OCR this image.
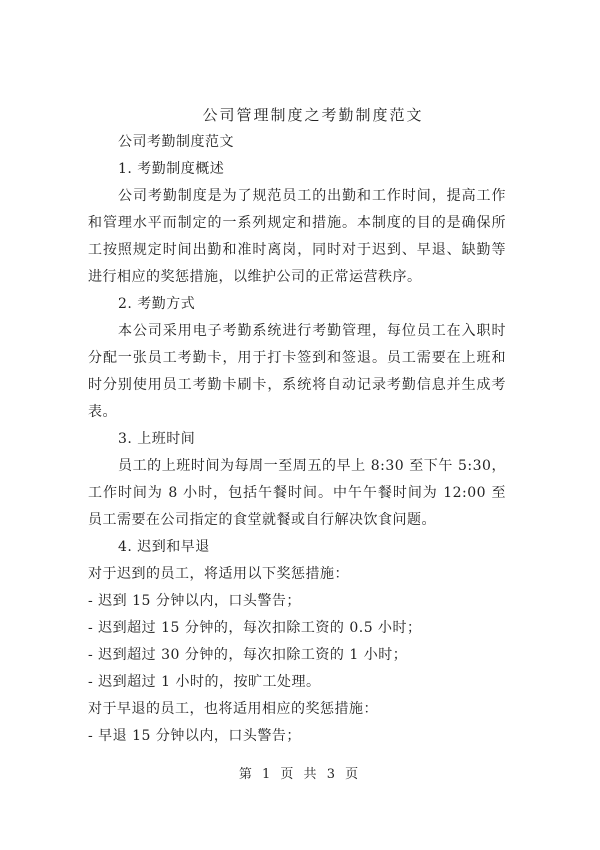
公司管理制度之考勤制度范文
公司考勤制度范文
1. 考勤制度概述
公司考勤制度是为了规范员工的出勤和工作时间，提高工作
和管理水平而制定的一系列规定和措施。本制度的目的是确保所
工按照规定时间出勤和准时离岗，同时对于迟到、早退、缺勤等
进行相应的奖惩措施，以维护公司的正常运营秩序。
2. 考勤方式
本公司采用电子考勤系统进行考勤管理，每位员工在入职时
分配一张员工考勤卡，用于打卡签到和签退。员工需要在上班和
时分别使用员工考勤卡刷卡，系统将自动记录考勤信息并生成考
表。
3. 上班时间
员工的上班时间为每周一至周五的早上 8:30 至下午 5:30，
工作时间为 8 小时，包括午餐时间。中午午餐时间为 12:00 至
员工需要在公司指定的食堂就餐或自行解决饮食问题。
4. 迟到和早退
对于迟到的员工，将适用以下奖惩措施：
- 迟到 15 分钟以内，口头警告；
- 迟到超过 15 分钟的，每次扣除工资的 0.5 小时；
- 迟到超过 30 分钟的，每次扣除工资的 1 小时；
- 迟到超过 1 小时的，按旷工处理。
对于早退的员工，也将适用相应的奖惩措施：
- 早退 15 分钟以内，口头警告；
第 1 页 共 3 页
